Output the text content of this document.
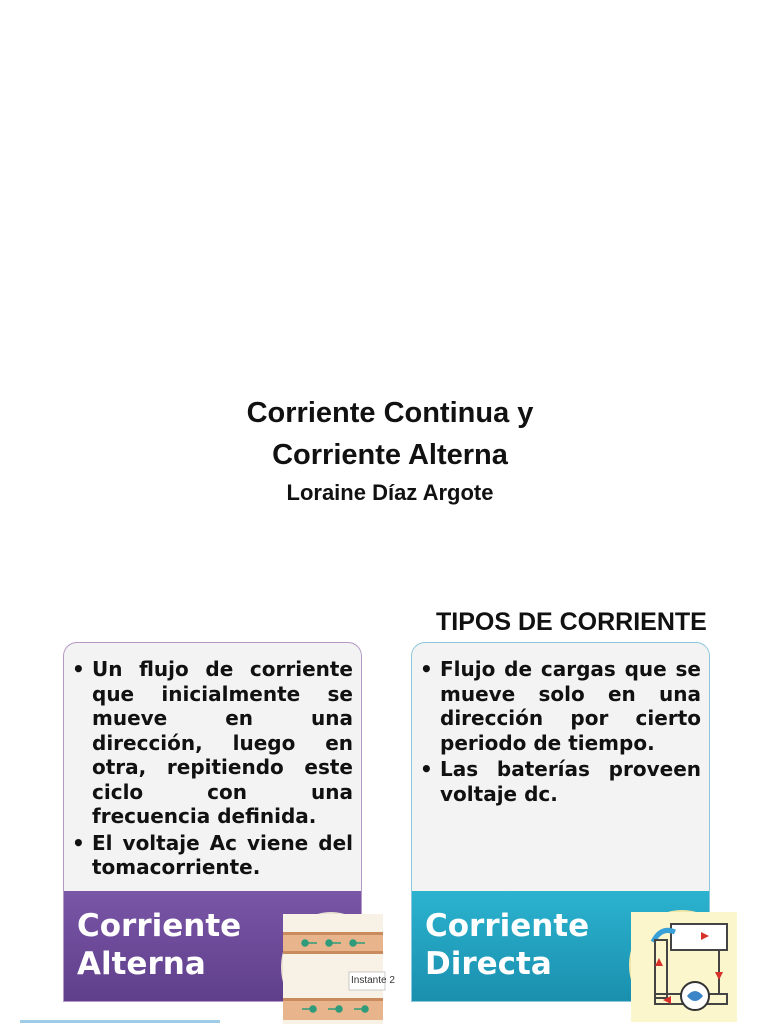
Corriente Continua y
Corriente Alterna
Loraine Díaz Argote
TIPOS DE CORRIENTE
• Un flujo de corriente que inicialmente se mueve en una dirección, luego en otra, repitiendo este ciclo con una frecuencia definida.
• El voltaje Ac viene del tomacorriente.
Corriente
Alterna	Instante 2
• Flujo de cargas que se mueve solo en una dirección por cierto periodo de tiempo.
• Las baterías proveen voltaje dc.
Corriente
Directa
